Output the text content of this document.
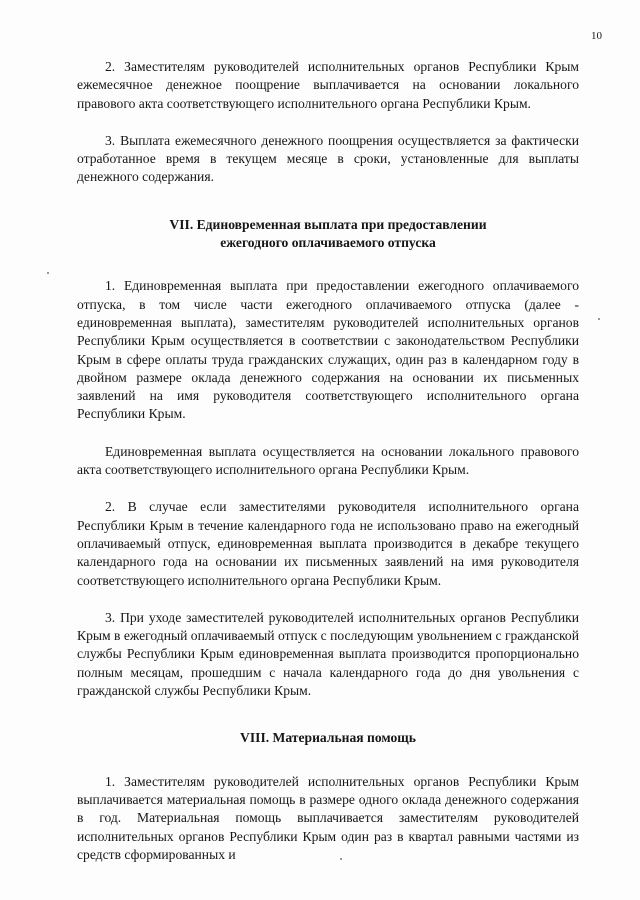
10

2. Заместителям руководителей исполнительных органов Республики Крым ежемесячное денежное поощрение выплачивается на основании локального правового акта соответствующего исполнительного органа Республики Крым.

3. Выплата ежемесячного денежного поощрения осуществляется за фактически отработанное время в текущем месяце в сроки, установленные для выплаты денежного содержания.

VII. Единовременная выплата при предоставлении
ежегодного оплачиваемого отпуска

1. Единовременная выплата при предоставлении ежегодного оплачиваемого отпуска, в том числе части ежегодного оплачиваемого отпуска (далее - единовременная выплата), заместителям руководителей исполнительных органов Республики Крым осуществляется в соответствии с законодательством Республики Крым в сфере оплаты труда гражданских служащих, один раз в календарном году в двойном размере оклада денежного содержания на основании их письменных заявлений на имя руководителя соответствующего исполнительного органа Республики Крым.

Единовременная выплата осуществляется на основании локального правового акта соответствующего исполнительного органа Республики Крым.

2. В случае если заместителями руководителя исполнительного органа Республики Крым в течение календарного года не использовано право на ежегодный оплачиваемый отпуск, единовременная выплата производится в декабре текущего календарного года на основании их письменных заявлений на имя руководителя соответствующего исполнительного органа Республики Крым.

3. При уходе заместителей руководителей исполнительных органов Республики Крым в ежегодный оплачиваемый отпуск с последующим увольнением с гражданской службы Республики Крым единовременная выплата производится пропорционально полным месяцам, прошедшим с начала календарного года до дня увольнения с гражданской службы Республики Крым.

VIII. Материальная помощь

1. Заместителям руководителей исполнительных органов Республики Крым выплачивается материальная помощь в размере одного оклада денежного содержания в год. Материальная помощь выплачивается заместителям руководителей исполнительных органов Республики Крым один раз в квартал равными частями из средств сформированных и
